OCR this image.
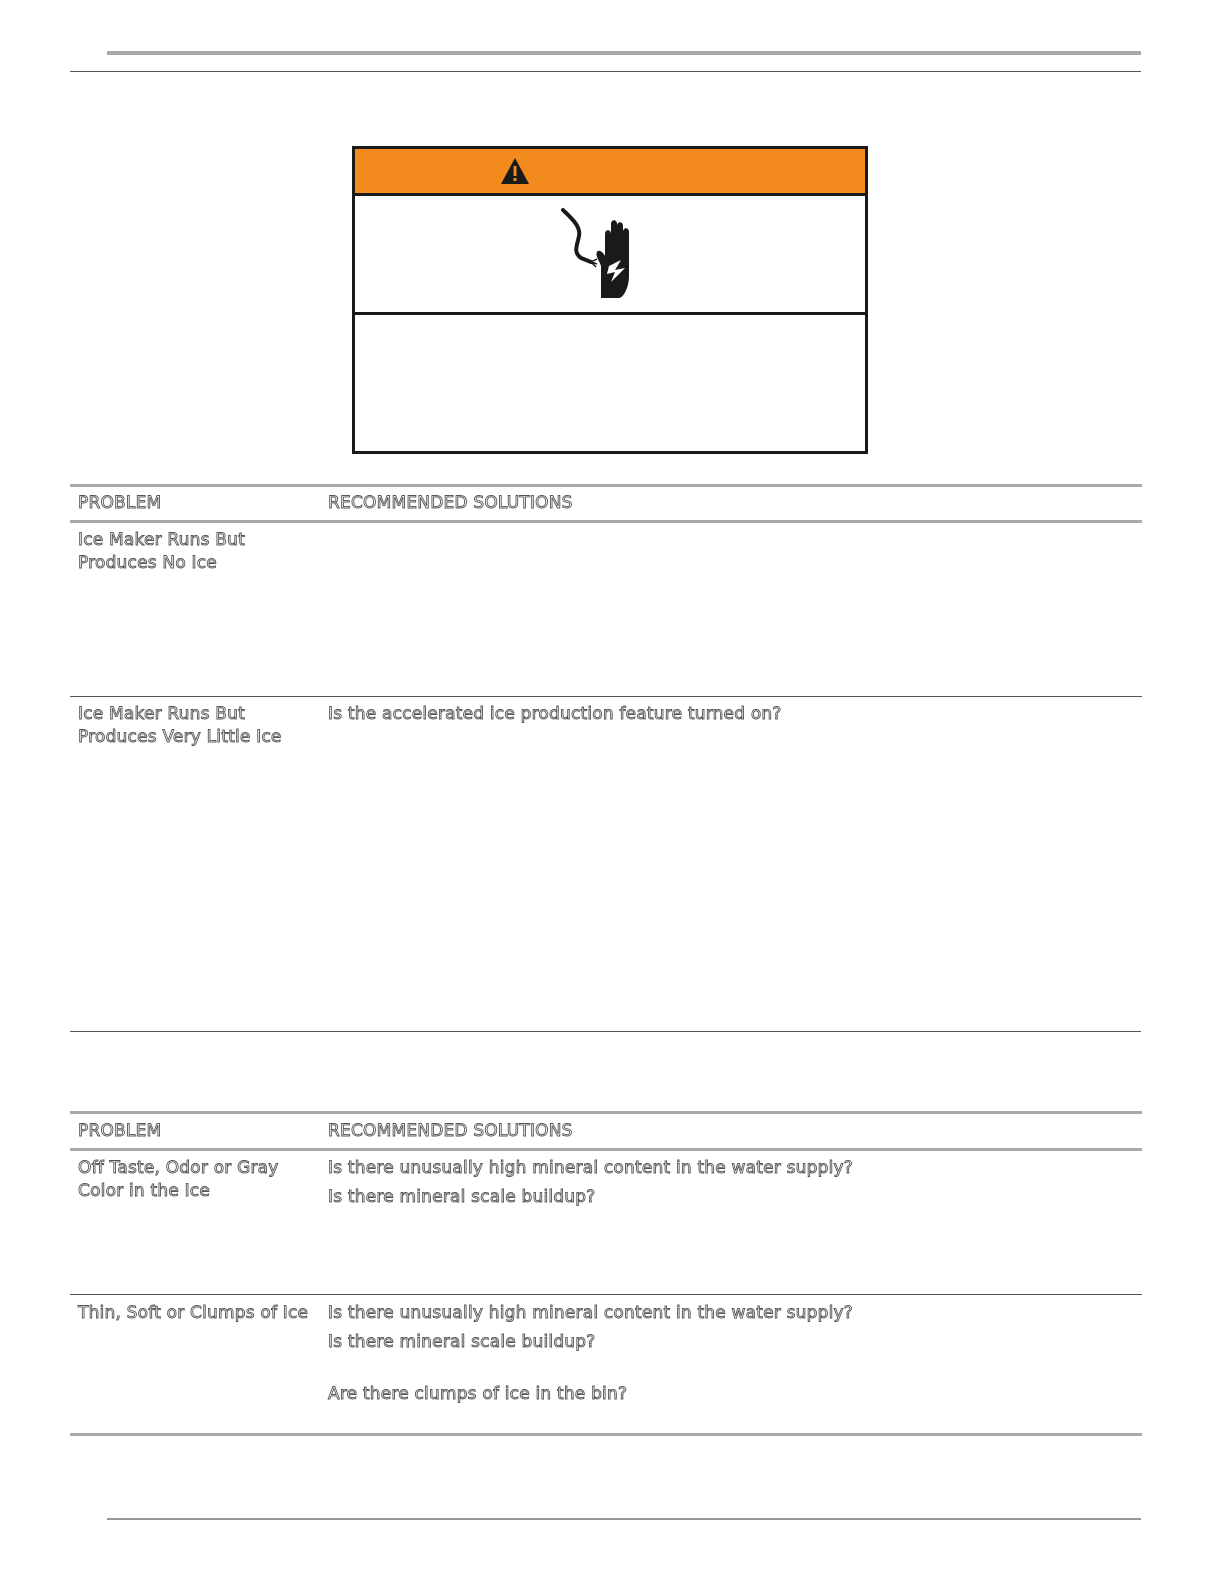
PROBLEM	RECOMMENDED SOLUTIONS
Ice Maker Runs But
Produces No Ice
Ice Maker Runs But
Produces Very Little Ice
Is the accelerated ice production feature turned on?
PROBLEM	RECOMMENDED SOLUTIONS
Off Taste, Odor or Gray
Color in the Ice
Is there unusually high mineral content in the water supply?
Is there mineral scale buildup?
Thin, Soft or Clumps of Ice Is there unusually high mineral content in the water supply?
Is there mineral scale buildup?
Are there clumps of ice in the bin?
